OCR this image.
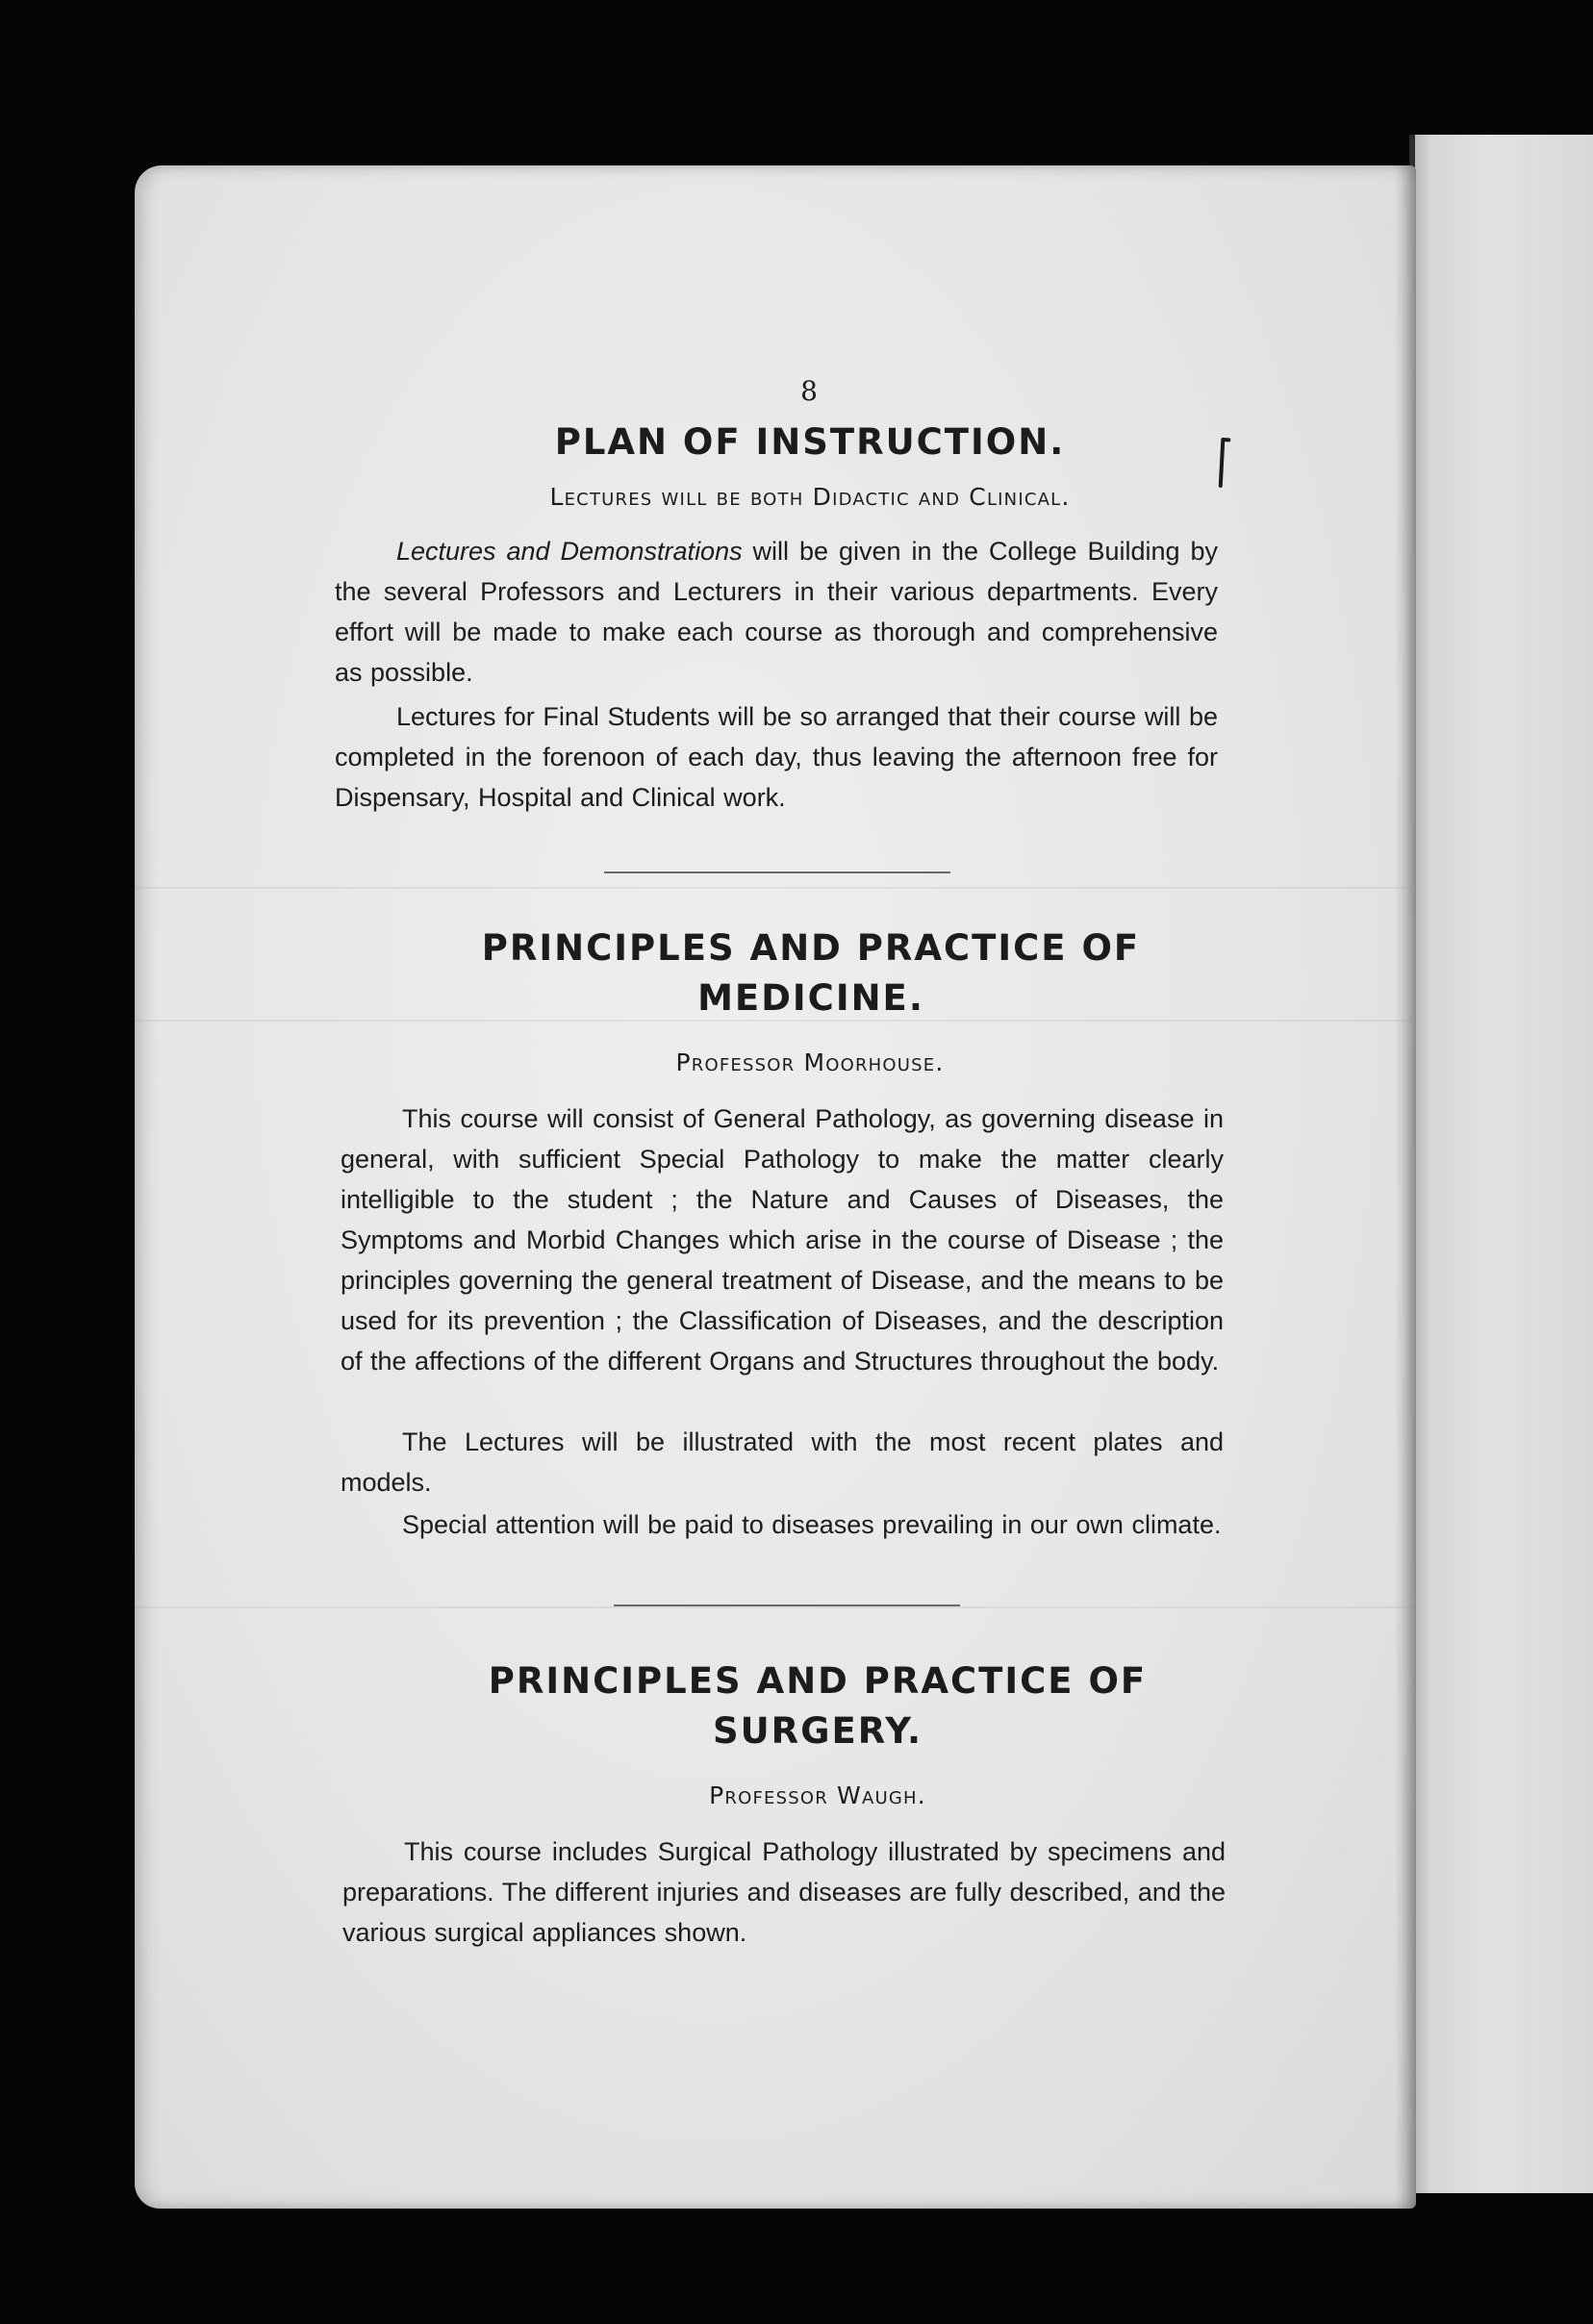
8
PLAN OF INSTRUCTION.
Lectures will be both Didactic and Clinical.
Lectures and Demonstrations will be given in the College Building by the several Professors and Lecturers in their various departments. Every effort will be made to make each course as thorough and comprehensive as possible.
Lectures for Final Students will be so arranged that their course will be completed in the forenoon of each day, thus leaving the afternoon free for Dispensary, Hospital and Clinical work.
PRINCIPLES AND PRACTICE OF
MEDICINE.
Professor Moorhouse.
This course will consist of General Pathology, as governing disease in general, with sufficient Special Pathology to make the matter clearly intelligible to the student ; the Nature and Causes of Diseases, the Symptoms and Morbid Changes which arise in the course of Disease ; the principles governing the general treatment of Disease, and the means to be used for its prevention ; the Classification of Diseases, and the description of the affections of the different Organs and Structures throughout the body.
The Lectures will be illustrated with the most recent plates and models.
Special attention will be paid to diseases prevailing in our own climate.
PRINCIPLES AND PRACTICE OF
SURGERY.
Professor Waugh.
This course includes Surgical Pathology illustrated by specimens and preparations. The different injuries and diseases are fully described, and the various surgical appliances shown.
